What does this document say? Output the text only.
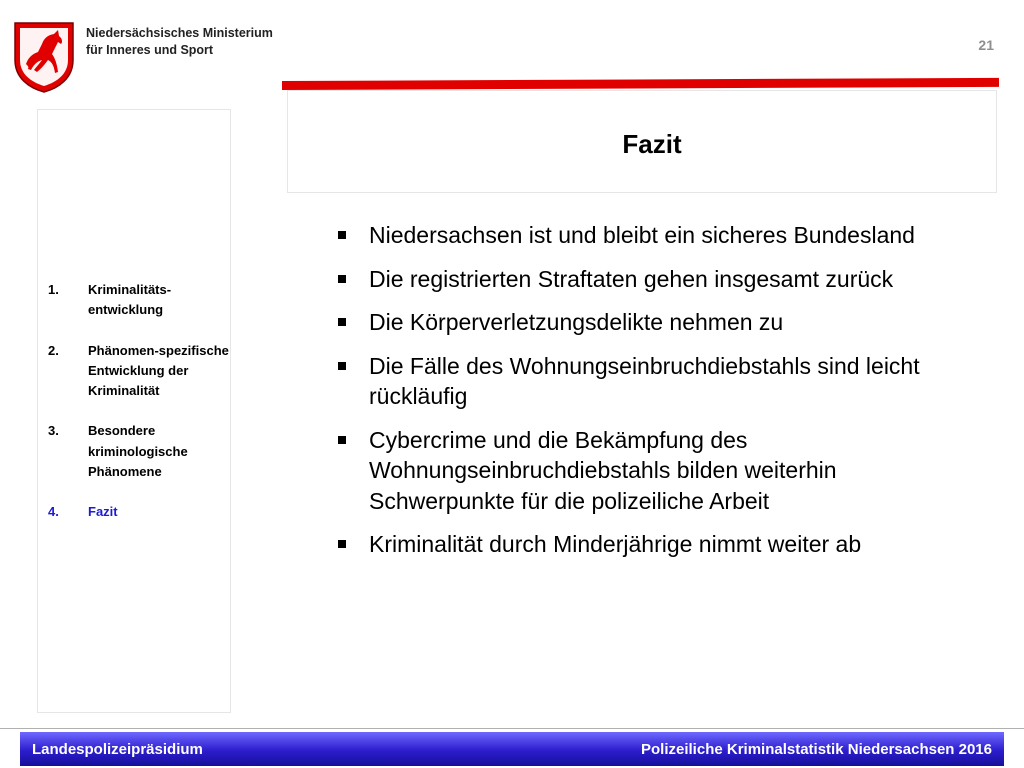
Niedersächsisches Ministerium
für Inneres und Sport	21
Fazit
1.	Kriminalitäts-entwicklung
2.	Phänomen-spezifische Entwicklung der Kriminalität
3.	Besondere kriminologische Phänomene
4.	Fazit
Niedersachsen ist und bleibt ein sicheres Bundesland
Die registrierten Straftaten gehen insgesamt zurück
Die Körperverletzungsdelikte nehmen zu
Die Fälle des Wohnungseinbruchdiebstahls sind leicht rückläufig
Cybercrime und die Bekämpfung des Wohnungseinbruchdiebstahls bilden weiterhin Schwerpunkte für die polizeiliche Arbeit
Kriminalität durch Minderjährige nimmt weiter ab
Landespolizeipräsidium	Polizeiliche Kriminalstatistik Niedersachsen 2016
